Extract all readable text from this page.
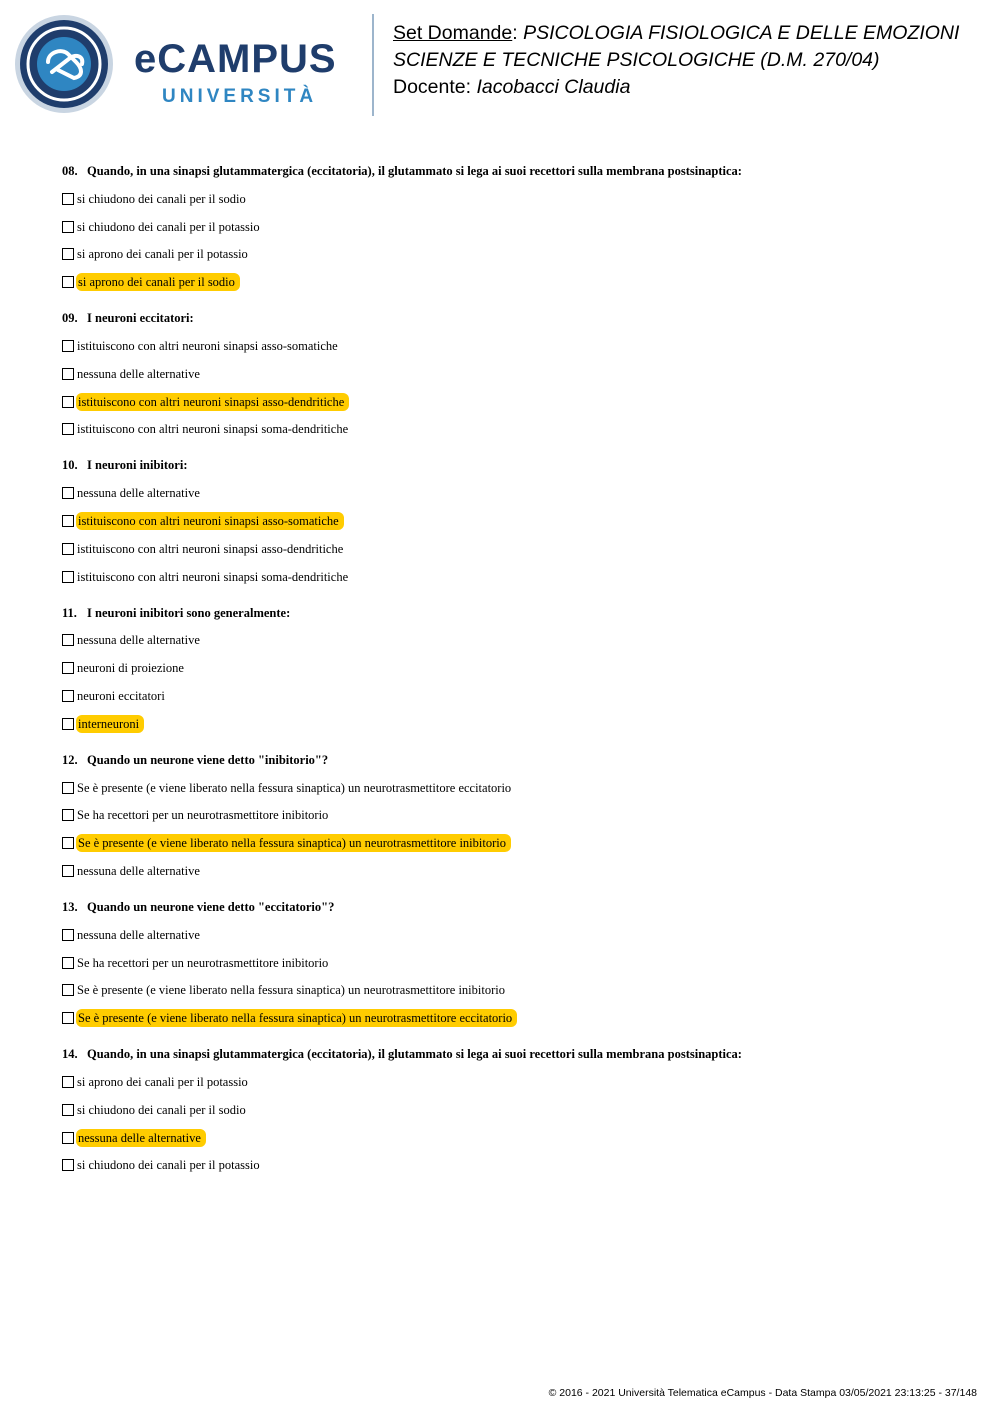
eCAMPUS
UNIVERSITÀ
Set Domande: PSICOLOGIA FISIOLOGICA E DELLE EMOZIONI
SCIENZE E TECNICHE PSICOLOGICHE (D.M. 270/04)
Docente: Iacobacci Claudia
08. Quando, in una sinapsi glutammatergica (eccitatoria), il glutammato si lega ai suoi recettori sulla membrana postsinaptica:
si chiudono dei canali per il sodio
si chiudono dei canali per il potassio
si aprono dei canali per il potassio
si aprono dei canali per il sodio
09. I neuroni eccitatori:
istituiscono con altri neuroni sinapsi asso-somatiche
nessuna delle alternative
istituiscono con altri neuroni sinapsi asso-dendritiche
istituiscono con altri neuroni sinapsi soma-dendritiche
10. I neuroni inibitori:
nessuna delle alternative
istituiscono con altri neuroni sinapsi asso-somatiche
istituiscono con altri neuroni sinapsi asso-dendritiche
istituiscono con altri neuroni sinapsi soma-dendritiche
11. I neuroni inibitori sono generalmente:
nessuna delle alternative
neuroni di proiezione
neuroni eccitatori
interneuroni
12. Quando un neurone viene detto "inibitorio"?
Se è presente (e viene liberato nella fessura sinaptica) un neurotrasmettitore eccitatorio
Se ha recettori per un neurotrasmettitore inibitorio
Se è presente (e viene liberato nella fessura sinaptica) un neurotrasmettitore inibitorio
nessuna delle alternative
13. Quando un neurone viene detto "eccitatorio"?
nessuna delle alternative
Se ha recettori per un neurotrasmettitore inibitorio
Se è presente (e viene liberato nella fessura sinaptica) un neurotrasmettitore inibitorio
Se è presente (e viene liberato nella fessura sinaptica) un neurotrasmettitore eccitatorio
14. Quando, in una sinapsi glutammatergica (eccitatoria), il glutammato si lega ai suoi recettori sulla membrana postsinaptica:
si aprono dei canali per il potassio
si chiudono dei canali per il sodio
nessuna delle alternative
si chiudono dei canali per il potassio
© 2016 - 2021 Università Telematica eCampus - Data Stampa 03/05/2021 23:13:25 - 37/148
